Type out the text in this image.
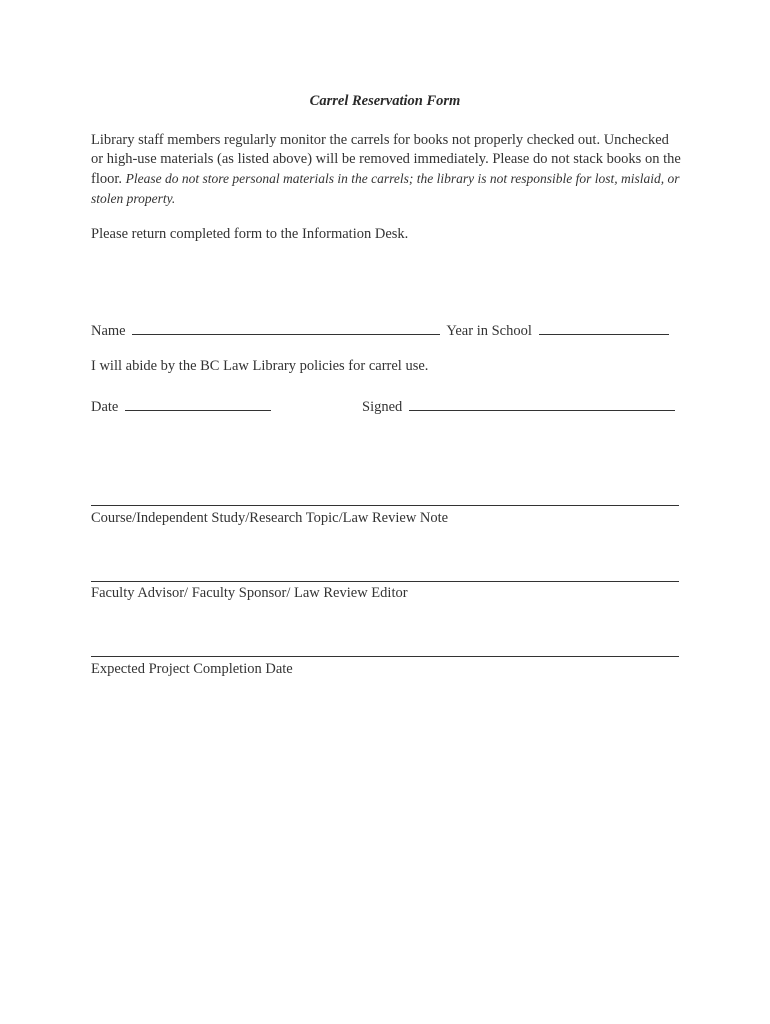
Carrel Reservation Form
Library staff members regularly monitor the carrels for books not properly checked out. Unchecked or high-use materials (as listed above) will be removed immediately. Please do not stack books on the floor. Please do not store personal materials in the carrels; the library is not responsible for lost, mislaid, or stolen property.
Please return completed form to the Information Desk.
Name	Year in School
I will abide by the BC Law Library policies for carrel use.
Date	Signed
Course/Independent Study/Research Topic/Law Review Note
Faculty Advisor/ Faculty Sponsor/ Law Review Editor
Expected Project Completion Date
